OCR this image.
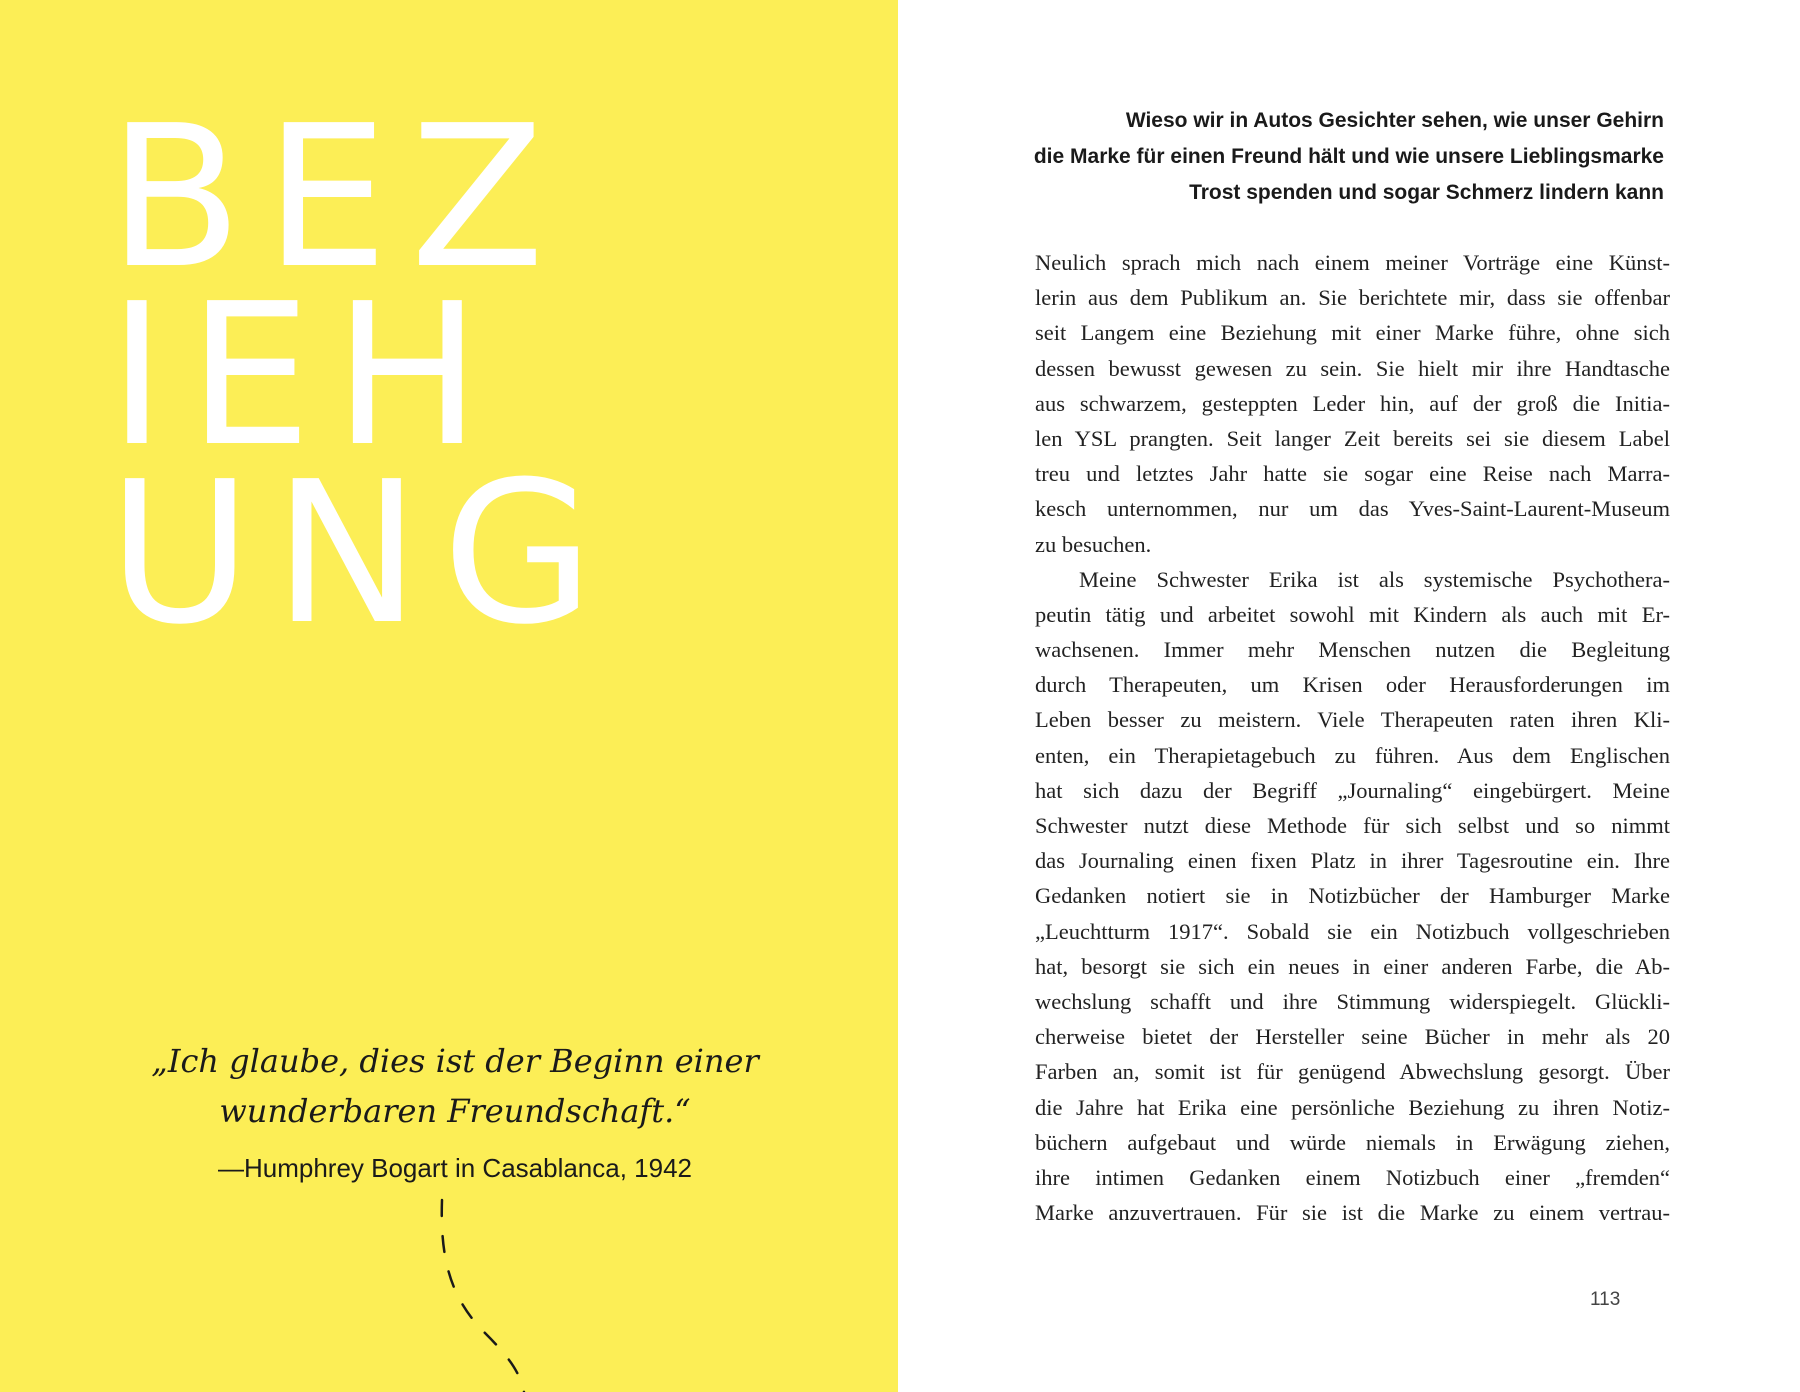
BEZ
IEH
UNG

„Ich glaube, dies ist der Beginn einer
wunderbaren Freundschaft.“

—Humphrey Bogart in Casablanca, 1942

Wieso wir in Autos Gesichter sehen, wie unser Gehirn
die Marke für einen Freund hält und wie unsere Lieblingsmarke
Trost spenden und sogar Schmerz lindern kann
Neulich sprach mich nach einem meiner Vorträge eine Künst-
lerin aus dem Publikum an. Sie berichtete mir, dass sie offenbar
seit Langem eine Beziehung mit einer Marke führe, ohne sich
dessen bewusst gewesen zu sein. Sie hielt mir ihre Handtasche
aus schwarzem, gesteppten Leder hin, auf der groß die Initia-
len YSL prangten. Seit langer Zeit bereits sei sie diesem Label
treu und letztes Jahr hatte sie sogar eine Reise nach Marra-
kesch unternommen, nur um das Yves-Saint-Laurent-Museum
zu besuchen.
Meine Schwester Erika ist als systemische Psychothera-
peutin tätig und arbeitet sowohl mit Kindern als auch mit Er-
wachsenen. Immer mehr Menschen nutzen die Begleitung
durch Therapeuten, um Krisen oder Herausforderungen im
Leben besser zu meistern. Viele Therapeuten raten ihren Kli-
enten, ein Therapietagebuch zu führen. Aus dem Englischen
hat sich dazu der Begriff „Journaling“ eingebürgert. Meine
Schwester nutzt diese Methode für sich selbst und so nimmt
das Journaling einen fixen Platz in ihrer Tagesroutine ein. Ihre
Gedanken notiert sie in Notizbücher der Hamburger Marke
„Leuchtturm 1917“. Sobald sie ein Notizbuch vollgeschrieben
hat, besorgt sie sich ein neues in einer anderen Farbe, die Ab-
wechslung schafft und ihre Stimmung widerspiegelt. Glückli-
cherweise bietet der Hersteller seine Bücher in mehr als 20
Farben an, somit ist für genügend Abwechslung gesorgt. Über
die Jahre hat Erika eine persönliche Beziehung zu ihren Notiz-
büchern aufgebaut und würde niemals in Erwägung ziehen,
ihre intimen Gedanken einem Notizbuch einer „fremden“
Marke anzuvertrauen. Für sie ist die Marke zu einem vertrau-
113
